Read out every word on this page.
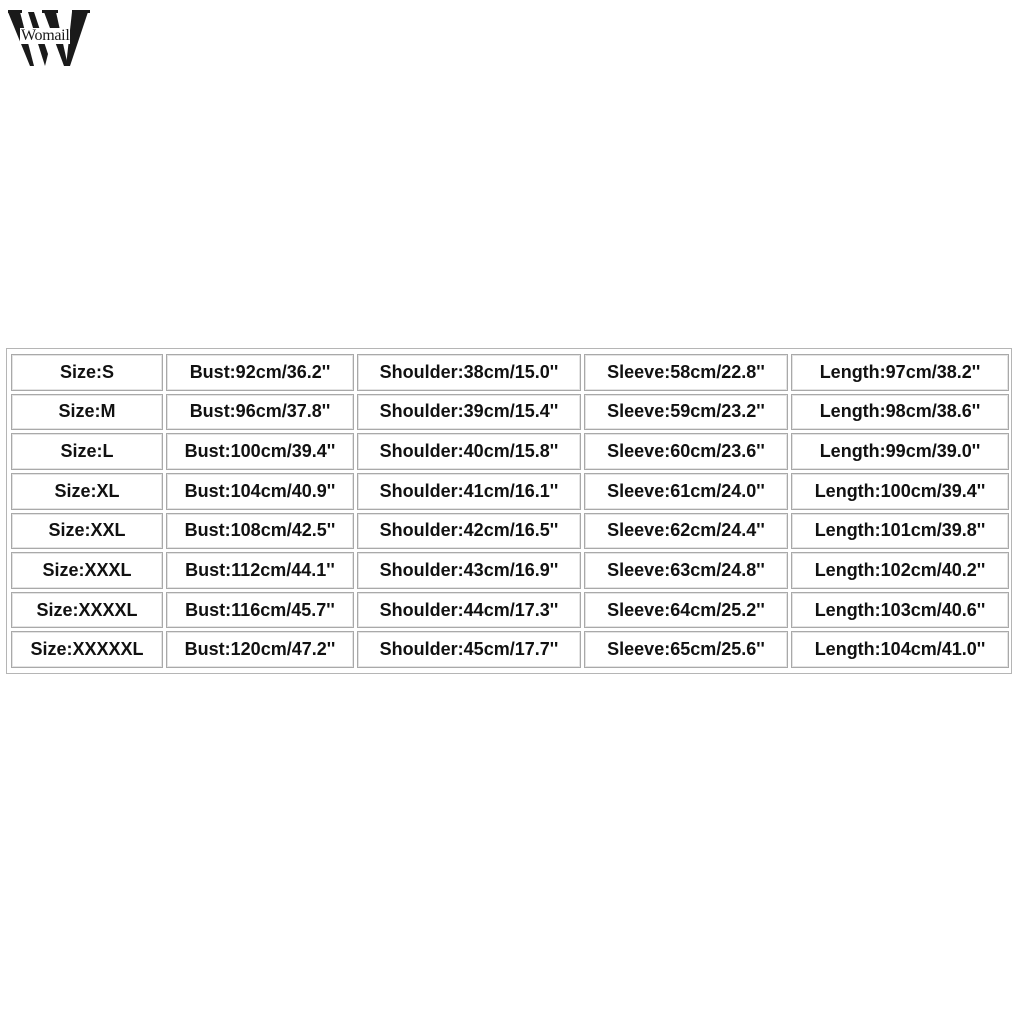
Womail
Size:S	Bust:92cm/36.2''	Shoulder:38cm/15.0''	Sleeve:58cm/22.8''	Length:97cm/38.2''
Size:M	Bust:96cm/37.8''	Shoulder:39cm/15.4''	Sleeve:59cm/23.2''	Length:98cm/38.6''
Size:L	Bust:100cm/39.4''	Shoulder:40cm/15.8''	Sleeve:60cm/23.6''	Length:99cm/39.0''
Size:XL	Bust:104cm/40.9''	Shoulder:41cm/16.1''	Sleeve:61cm/24.0''	Length:100cm/39.4''
Size:XXL	Bust:108cm/42.5''	Shoulder:42cm/16.5''	Sleeve:62cm/24.4''	Length:101cm/39.8''
Size:XXXL	Bust:112cm/44.1''	Shoulder:43cm/16.9''	Sleeve:63cm/24.8''	Length:102cm/40.2''
Size:XXXXL	Bust:116cm/45.7''	Shoulder:44cm/17.3''	Sleeve:64cm/25.2''	Length:103cm/40.6''
Size:XXXXXL	Bust:120cm/47.2''	Shoulder:45cm/17.7''	Sleeve:65cm/25.6''	Length:104cm/41.0''
